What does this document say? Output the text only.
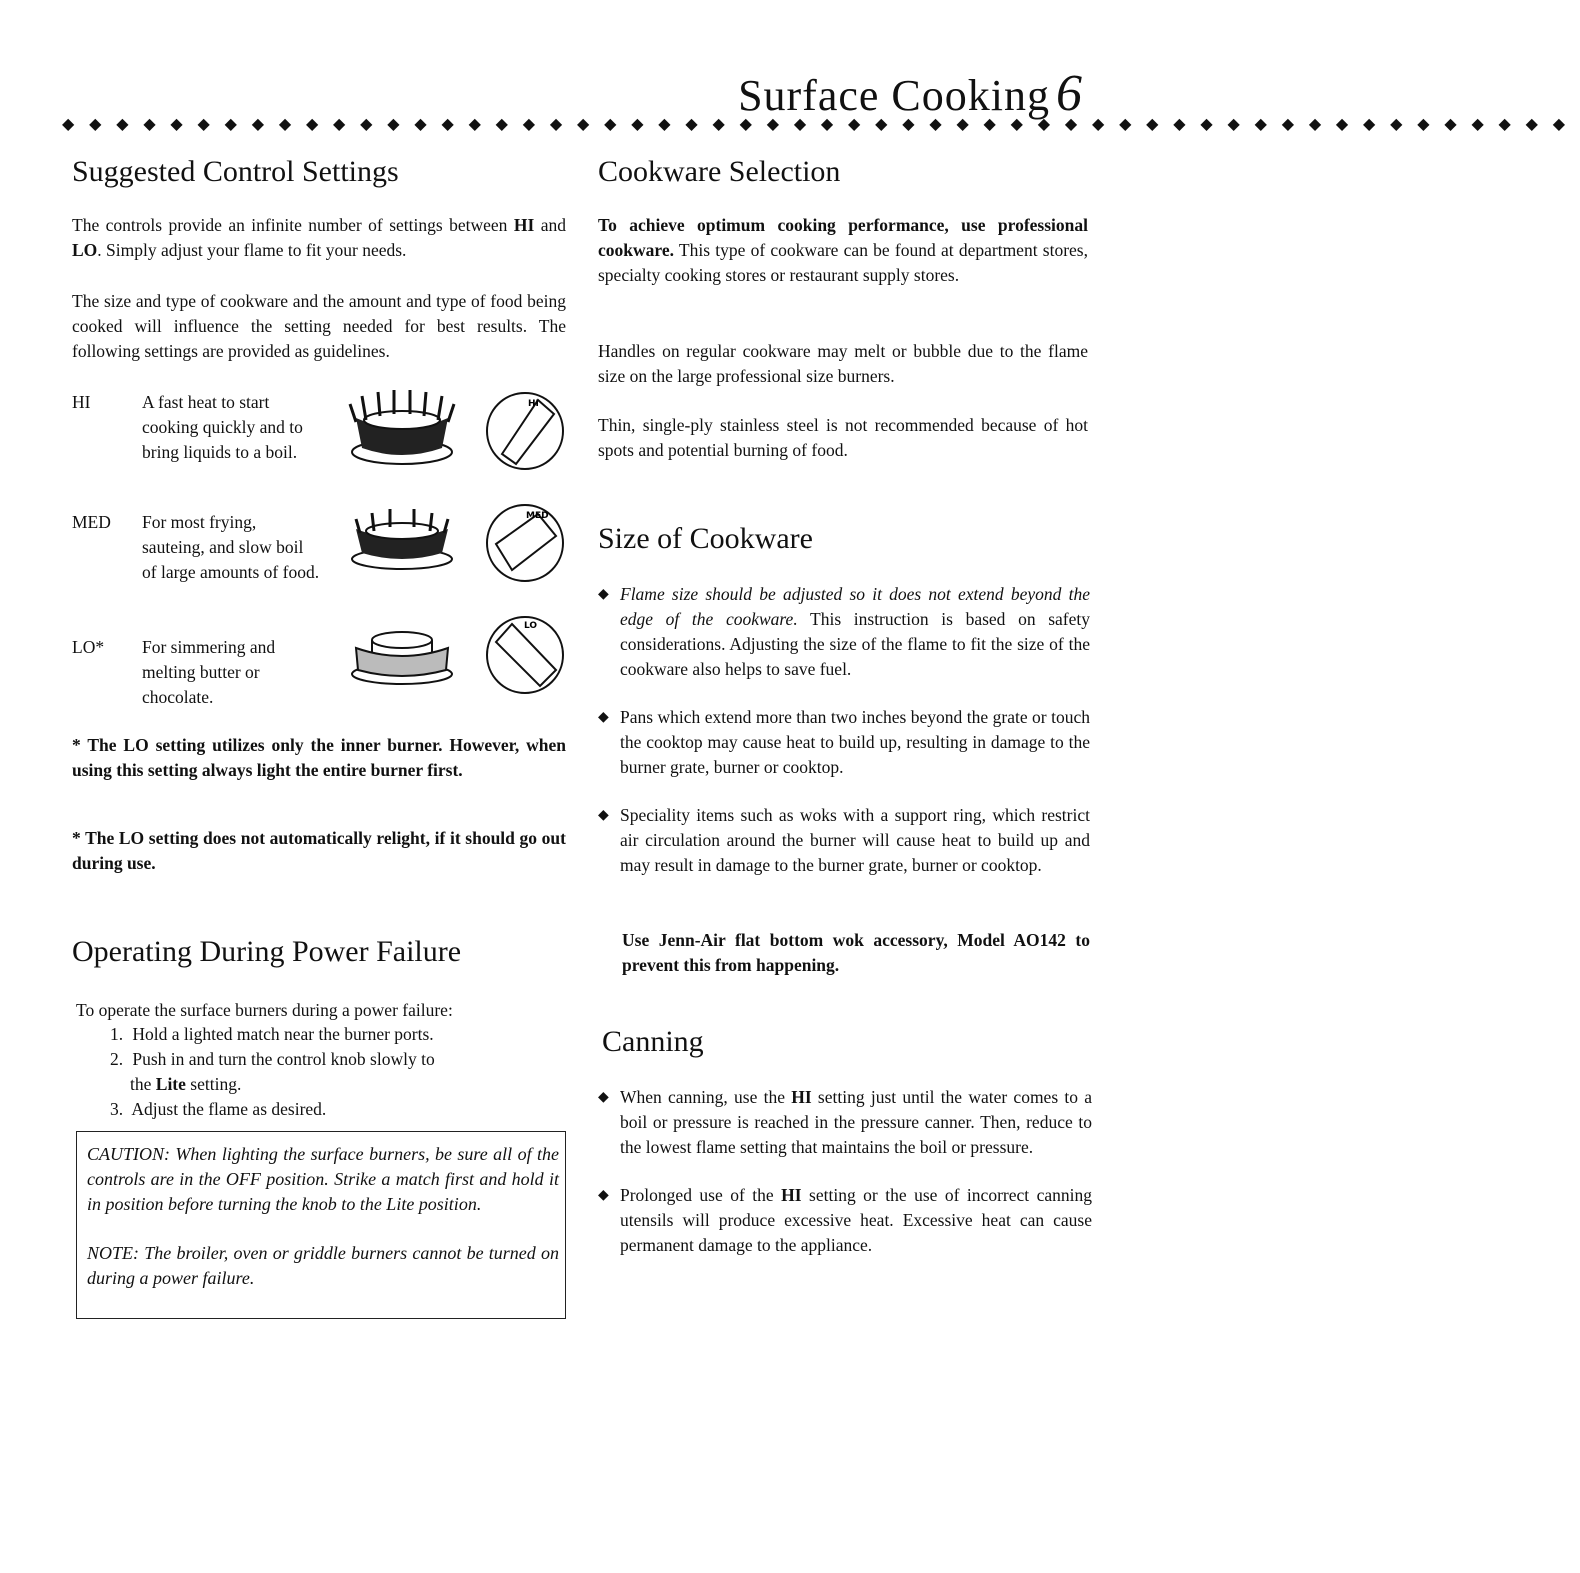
Surface Cooking 6
◆◆◆◆◆◆◆◆◆◆◆◆◆◆◆◆◆◆◆◆◆◆◆◆◆◆◆◆◆◆◆◆◆◆◆◆◆◆◆◆◆◆◆◆◆◆◆◆◆◆◆◆◆◆◆◆
Suggested Control Settings

The controls provide an infinite number of settings between HI and LO. Simply adjust your flame to fit your needs.

The size and type of cookware and the amount and type of food being cooked will influence the setting needed for best results. The following settings are provided as guidelines.

HI	A fast heat to start cooking quickly and to bring liquids to a boil.
HI
MED For most frying, sauteing, and slow boil of large amounts of food.
MED
LO* For simmering and melting butter or chocolate.
LO

* The LO setting utilizes only the inner burner. However, when using this setting always light the entire burner first.

* The LO setting does not automatically relight, if it should go out during use.

Operating During Power Failure

To operate the surface burners during a power failure:

1. Hold a lighted match near the burner ports.
2. Push in and turn the control knob slowly to
the Lite setting.
3. Adjust the flame as desired.
CAUTION: When lighting the surface burners, be sure all of the controls are in the OFF position. Strike a match first and hold it in position before turning the knob to the Lite position.
NOTE: The broiler, oven or griddle burners cannot be turned on during a power failure.
Cookware Selection

To achieve optimum cooking performance, use professional cookware. This type of cookware can be found at department stores, specialty cooking stores or restaurant supply stores.

Handles on regular cookware may melt or bubble due to the flame size on the large professional size burners.

Thin, single-ply stainless steel is not recommended because of hot spots and potential burning of food.

Size of Cookware
◆ Flame size should be adjusted so it does not extend beyond the edge of the cookware. This instruction is based on safety considerations. Adjusting the size of the flame to fit the size of the cookware also helps to save fuel.
◆ Pans which extend more than two inches beyond the grate or touch the cooktop may cause heat to build up, resulting in damage to the burner grate, burner or cooktop.
◆ Speciality items such as woks with a support ring, which restrict air circulation around the burner will cause heat to build up and may result in damage to the burner grate, burner or cooktop.

Use Jenn-Air flat bottom wok accessory, Model AO142 to prevent this from happening.

Canning
◆ When canning, use the HI setting just until the water comes to a boil or pressure is reached in the pressure canner. Then, reduce to the lowest flame setting that maintains the boil or pressure.
◆ Prolonged use of the HI setting or the use of incorrect canning utensils will produce excessive heat. Excessive heat can cause permanent damage to the appliance.
